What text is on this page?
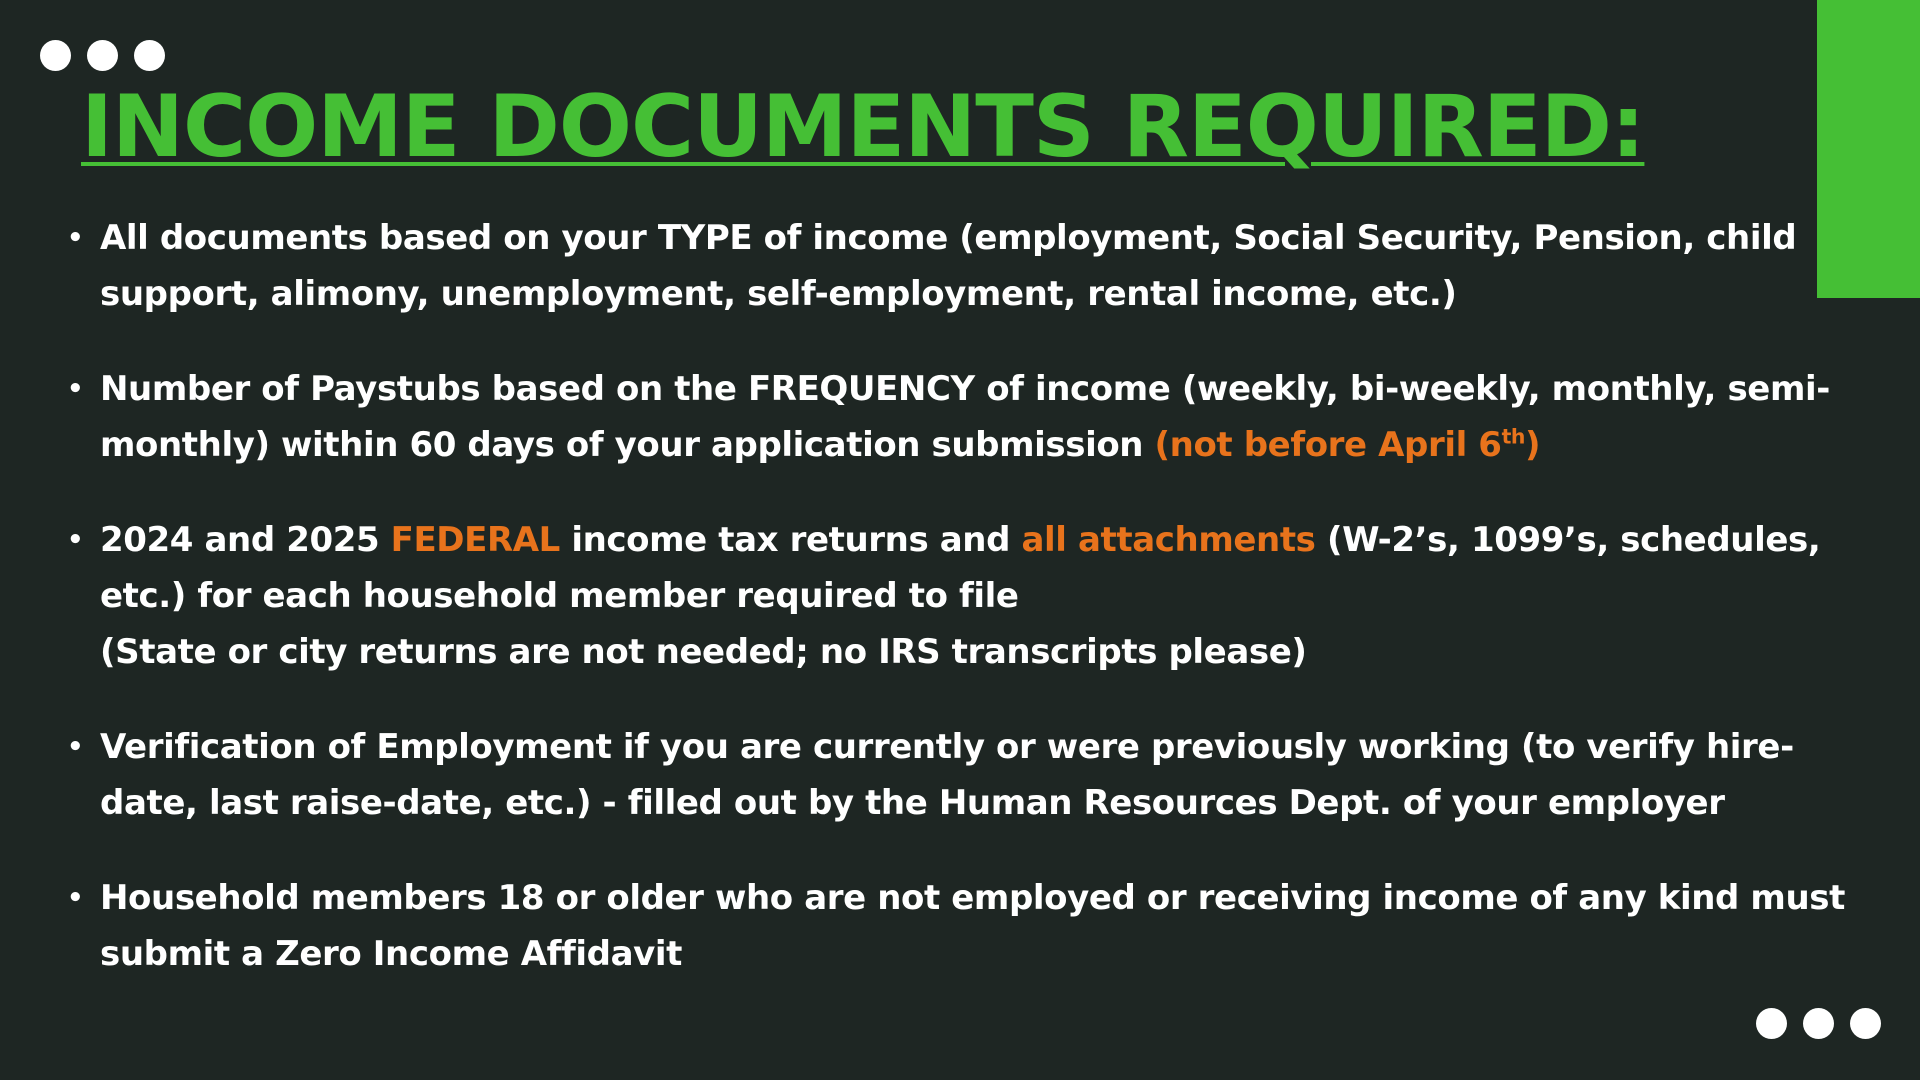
INCOME DOCUMENTS REQUIRED:
• All documents based on your TYPE of income (employment, Social Security, Pension, child support, alimony, unemployment, self-employment, rental income, etc.)
• Number of Paystubs based on the FREQUENCY of income (weekly, bi-weekly, monthly, semi-monthly) within 60 days of your application submission (not before April 6th)
• 2024 and 2025 FEDERAL income tax returns and all attachments (W-2’s, 1099’s, schedules, etc.) for each household member required to file
(State or city returns are not needed; no IRS transcripts please)
• Verification of Employment if you are currently or were previously working (to verify hire-date, last raise-date, etc.) - filled out by the Human Resources Dept. of your employer
• Household members 18 or older who are not employed or receiving income of any kind must submit a Zero Income Affidavit
